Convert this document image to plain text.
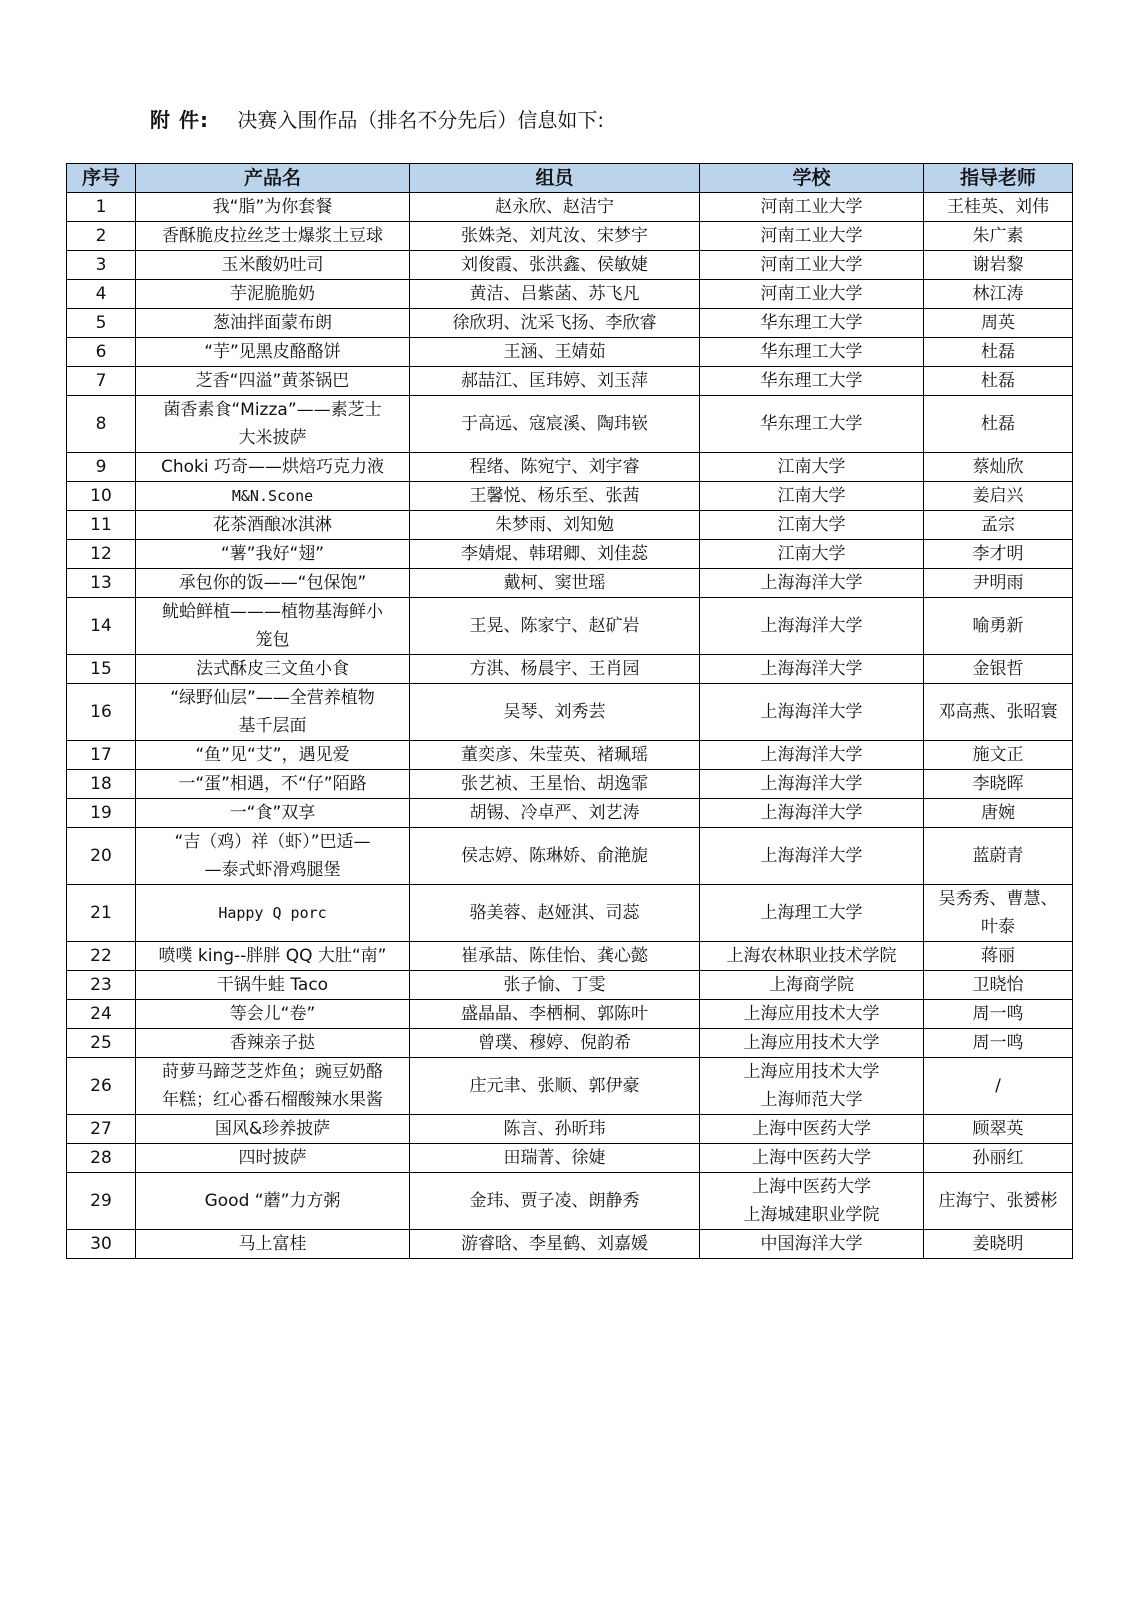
附 件: 决赛入围作品（排名不分先后）信息如下:
序号	产品名	组员	学校	指导老师
1	我“脂”为你套餐	赵永欣、赵洁宁	河南工业大学	王桂英、刘伟

2	香酥脆皮拉丝芝士爆浆土豆球	张姝尧、刘芃汝、宋梦宇	河南工业大学	朱广素

3	玉米酸奶吐司	刘俊霞、张洪鑫、侯敏婕	河南工业大学	谢岩黎

4	芋泥脆脆奶	黄洁、吕紫菡、苏飞凡	河南工业大学	林江涛

5	葱油拌面蒙布朗	徐欣玥、沈采飞扬、李欣睿	华东理工大学	周英

6	“芋”见黑皮酪酪饼	王涵、王婧茹	华东理工大学	杜磊

7	芝香“四溢”黄茶锅巴	郝喆江、匡玮婷、刘玉萍	华东理工大学	杜磊

8	菌香素食“Mizza”——素芝士
大米披萨	于高远、寇宸溪、陶玮嵚	华东理工大学	杜磊

9	Choki 巧奇——烘焙巧克力液	程绪、陈宛宁、刘宇睿	江南大学	蔡灿欣

10	M&N.Scone	王馨悦、杨乐至、张茜	江南大学	姜启兴

11	花茶酒酿冰淇淋	朱梦雨、刘知勉	江南大学	孟宗

12	“薯”我好“翅”	李婧焜、韩珺卿、刘佳蕊	江南大学	李才明

13	承包你的饭——“包保饱”	戴柯、窦世瑶	上海海洋大学	尹明雨

14	鱿蛤鲜植———植物基海鲜小
笼包	王晃、陈家宁、赵矿岩	上海海洋大学	喻勇新

15	法式酥皮三文鱼小食	方淇、杨晨宇、王肖园	上海海洋大学	金银哲

16	“绿野仙层”——全营养植物
基千层面	吴琴、刘秀芸	上海海洋大学	邓高燕、张昭寰

17	“鱼”见“艾”，遇见爱	董奕彦、朱莹英、褚珮瑶	上海海洋大学	施文正

18	一“蛋”相遇，不“仔”陌路	张艺祯、王星怡、胡逸霏	上海海洋大学	李晓晖

19	一“食”双享	胡锡、冷卓严、刘艺涛	上海海洋大学	唐婉

20	“吉（鸡）祥（虾）”巴适—
—泰式虾滑鸡腿堡	侯志婷、陈琳娇、俞滟旎	上海海洋大学	蓝蔚青

21	Happy Q porc	骆美蓉、赵娅淇、司蕊	上海理工大学	吴秀秀、曹慧、
叶泰

22	喷噗 king--胖胖 QQ 大肚“南”	崔承喆、陈佳怡、龚心懿	上海农林职业技术学院	蒋丽

23	干锅牛蛙 Taco	张子愉、丁雯	上海商学院	卫晓怡

24	等会儿“卷”	盛晶晶、李栖桐、郭陈叶	上海应用技术大学	周一鸣

25	香辣亲子挞	曾璞、穆婷、倪韵希	上海应用技术大学	周一鸣

26	莳萝马蹄芝芝炸鱼；豌豆奶酪
年糕；红心番石榴酸辣水果酱	庄元聿、张顺、郭伊豪	上海应用技术大学
上海师范大学	/

27	国风&珍养披萨	陈言、孙昕玮	上海中医药大学	顾翠英

28	四时披萨	田瑞菁、徐婕	上海中医药大学	孙丽红

29	Good “蘑”力方粥	金玮、贾子凌、朗静秀	上海中医药大学
上海城建职业学院	庄海宁、张赟彬

30	马上富桂	游睿晗、李星鹤、刘嘉媛	中国海洋大学	姜晓明
